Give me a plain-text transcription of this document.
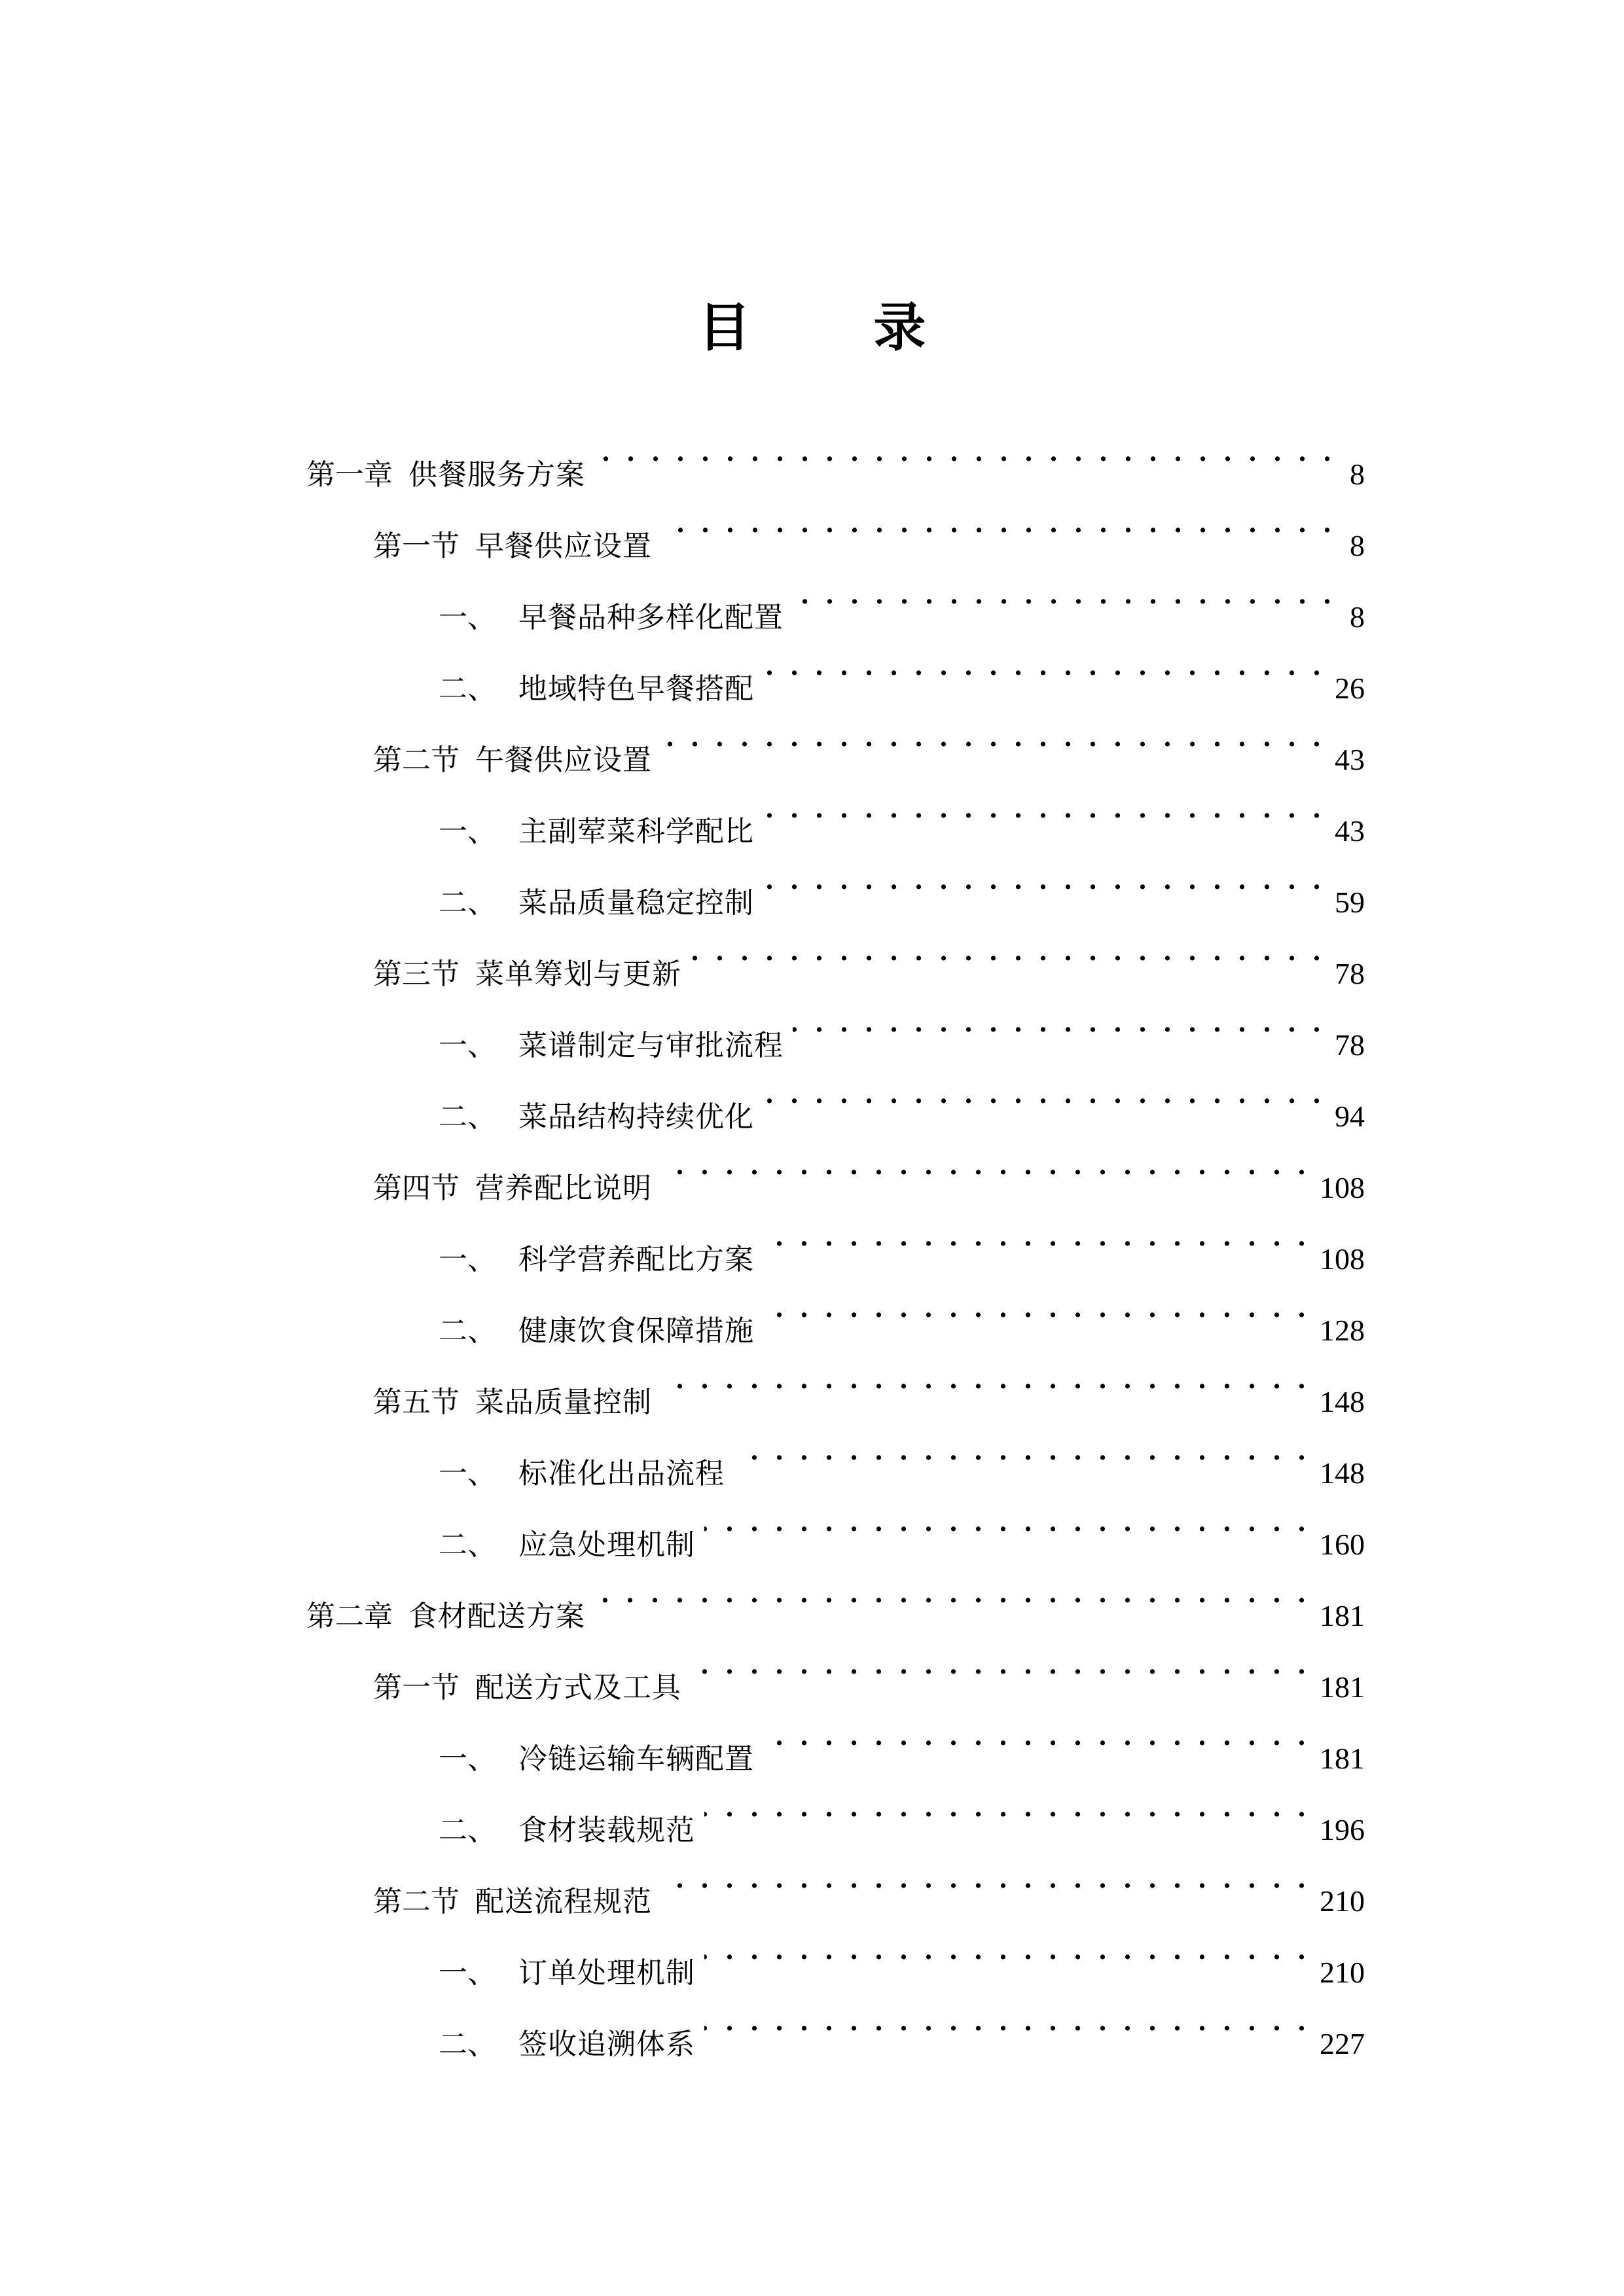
目 录
第一章 供餐服务方案 . . .	8
第一节 早餐供应设置 . . .	8
一、 早餐品种多样化配置 . . .	8
二、 地域特色早餐搭配 . . .	26
第二节 午餐供应设置 . . .	43
一、 主副荤菜科学配比 . . .	43
二、 菜品质量稳定控制 . . .	59
第三节 菜单筹划与更新 . . .	78
一、 菜谱制定与审批流程 . . .	78
二、 菜品结构持续优化 . . .	94
第四节 营养配比说明 . . .	108
一、 科学营养配比方案 . . .	108
二、 健康饮食保障措施 . . .	128
第五节 菜品质量控制 . . .	148
一、 标准化出品流程 . . .	148
二、 应急处理机制 . . .	160
第二章 食材配送方案 . . .	181
第一节 配送方式及工具 . . .	181
一、 冷链运输车辆配置 . . .	181
二、 食材装载规范 . . .	196
第二节 配送流程规范 . . .	210
一、 订单处理机制 . . .	210
二、 签收追溯体系 . . .	227
